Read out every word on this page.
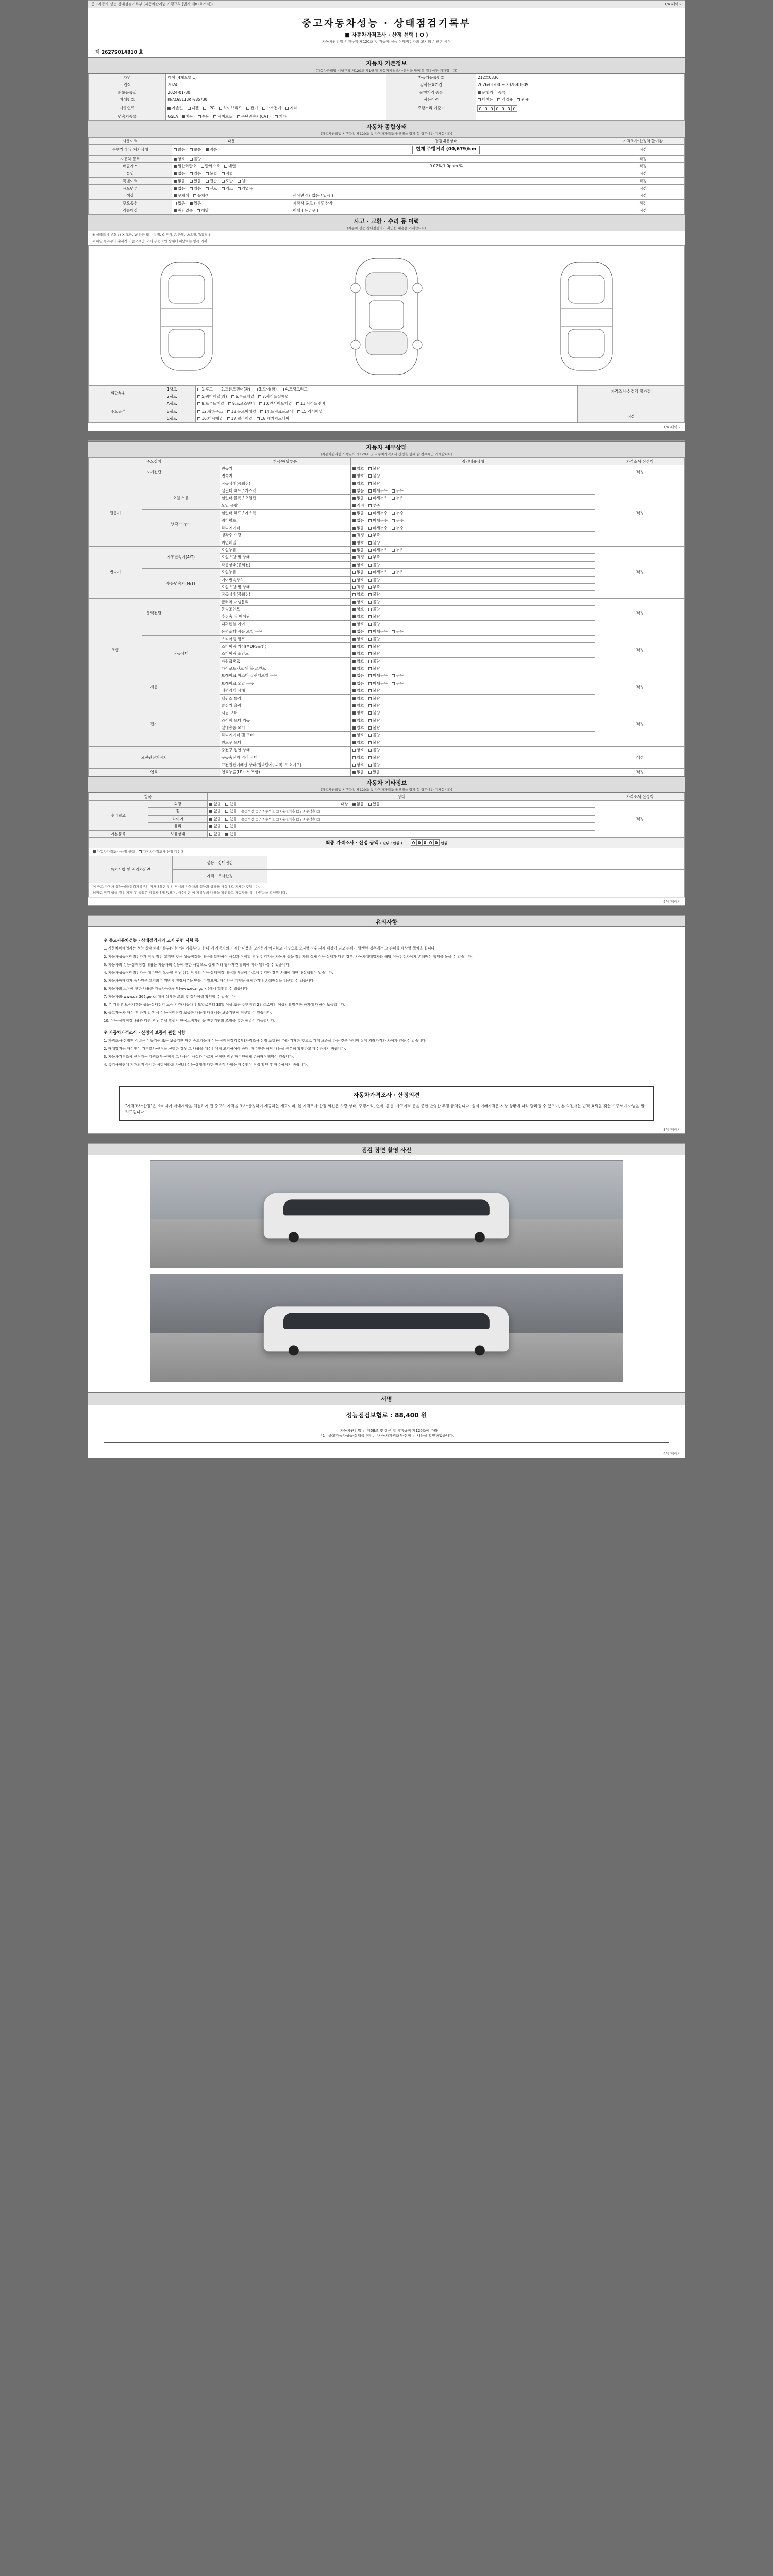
중고자동차 성능·상태점검기록부 (자동차관리법 시행규칙 [별지 제82호서식])	1/4 페이지
중고자동차성능 · 상태점검기록부
■ 자동차가격조사 · 산정 선택 ( O )
자동차관리법 시행규칙 제120조 및 자동차 성능·상태점검자의 고지의무 관련 서식
제 2627S014810 호
자동차 기본정보
(자동차관리법 시행규칙 제120조 제1항 및 자동차가격조사·산정을 함께 할 경우에만 기재합니다)
차명	레이 (4계모델 1)	자동차등록번호	212호0336
연식	2024	검사유효기간	2026-01-00 ~ 2028-01-09
최초등록일	2024-01-30	운행거리 종류	운행거리 종류
차대번호	KNACG811BRT085730	사용이력	대여용 영업용 관용
사용연료	가솔린 디젤 LPG 하이브리드 전기 수소전기 기타	주행거리 기준기	0 0 0 0 0 0 0
변속기종류	GSLA 자동 수동 세미오토 무단변속기(CVT) 기타		
자동차 종합상태
(자동차관리법 시행규칙 제120조 및 자동차가격조사·산정을 함께 할 경우에만 기재합니다)
사용이력	내용	점검내용상태	가격조사·산정액 할가감
주행거리 및 계기상태	많음 보통 적음	현재 주행거리 (00,679)km	적정
자동차 등록	양호 불량		적정
배출가스	일산화탄소 탄화수소 매연	0.02% 1.0ppm %	적정
튜닝	없음 있음 불법 적법		적정
특별이력	없음 있음 전손 도난 침수		적정
용도변경	없음 있음 렌트 리스 영업용		적정
색상	무채색 유채색	색상변경 ( 없음 / 있음 )	적정
주요옵션	없음 있음	제작사 출고 / 이후 장착	적정
리콜대상	해당없음 해당	이행 ( 유 / 무 )	적정
사고 · 교환 · 수리 등 이력
(자동차 성능·상태점검자가 확인한 내용을 기재합니다)
※ 상태표시 부호 : ( X:교환, W:판금 또는 용접, C:부식, A:긁힘, U:요철, T:흠집 )
※ 하단 항목부터 순서적 기준으로만, 기타 위험적인 상태에 해당하는 항목 기재
외판부위	1랭크	1.후드 2.프론트펜더(좌) 3.도어(좌) 4.트렁크리드	가격조사·산정액 할가감
적정

	2랭크	5.쿼터패널(좌) 6.루프패널 7.사이드실패널	
주요골격	A랭크	8.프론트패널 9.크로스멤버 10.인사이드패널 11.사이드멤버	
	B랭크	12.휠하우스 13.플로어패널 14.트렁크플로어 15.리어패널	
	C랭크	16.대시패널 17.필러패널 18.패키지트레이	
1/4 페이지
자동차 세부상태
(자동차관리법 시행규칙 제120조 및 자동차가격조사·산정을 함께 할 경우에만 기재합니다)
주요장치		항목/해당부품	점검내용상태	가격조사·산정액
자기진단		원동기	양호 불량	적정
		변속기	양호 불량	
원동기		작동상태(공회전)	양호 불량	적정
	오일 누유	실린더 헤드 / 가스켓	없음 미세누유 누유	
		실린더 블록 / 오일팬	없음 미세누유 누유	
		오일 유량	적정 부족	
	냉각수 누수	실린더 헤드 / 가스켓	없음 미세누수 누수	
		워터펌프	없음 미세누수 누수	
		라디에이터	없음 미세누수 누수	
		냉각수 수량	적정 부족	
		커먼레일	양호 불량	
변속기	자동변속기(A/T)	오일누유	없음 미세누유 누유	적정
		오일유량 및 상태	적정 부족	
		작동상태(공회전)	양호 불량	
	수동변속기(M/T)	오일누유	없음 미세누유 누유	
		기어변속장치	양호 불량	
		오일유량 및 상태	적정 부족	
		작동상태(공회전)	양호 불량	
동력전달		클러치 어셈블리	양호 불량	적정
		등속조인트	양호 불량	
		추진축 및 베어링	양호 불량	
		디퍼렌셜 기어	양호 불량	
조향		동력조향 작동 오일 누유	없음 미세누유 누유	적정
	작동상태	스티어링 펌프	양호 불량	
		스티어링 기어(MDPS포함)	양호 불량	
		스티어링 조인트	양호 불량	
		파워크랭크	양호 불량	
		타이로드엔드 및 볼 조인트	양호 불량	
제동		브레이크 마스터 실린더오일 누유	없음 미세누유 누유	적정
		브레이크 오일 누유	없음 미세누유 누유	
		배력장치 상태	양호 불량	
		밸런스 롤러	양호 불량	
전기		발전기 출력	양호 불량	적정
		시동 모터	양호 불량	
		와이퍼 모터 기능	양호 불량	
		실내송풍 모터	양호 불량	
		라디에이터 팬 모터	양호 불량	
		윈도우 모터	양호 불량	
고전원전기장치		충전구 절연 상태	양호 불량	적정
		구동축전지 격리 상태	양호 불량	
		고전원전기배선 상태(접속단자, 피복, 보호기구)	양호 불량	
연료		연료누출(LP가스 포함)	없음 있음	적정
자동차 기타정보
(자동차관리법 시행규칙 제120조 및 자동차가격조사·산정을 함께 할 경우에만 기재합니다)
항목		상태		가격조사·산정액
수리필요	외장	없음 있음	내장 없음 있음	적정
	휠	없음 있음 운전석전 □ / 조수석전 □ / 운전석후 □ / 조수석후 □		
	타이어	없음 있음 운전석전 □ / 조수석전 □ / 운전석후 □ / 조수석후 □		
	유리	없음 있음		
기본품목	보유상태	없음 있음		
최종 가격조사 · 산정 금액 ( 단위 : 만원 ) 0 0 0 0 0 만원
자동차가격조사·산정 선택 자동차가격조사·산정 미선택
특기사항 및 점검자의견	성능 · 상태점검	
	가격 · 조사산정	
이 중고 자동차 성능·상태점검기록부의 기재내용은 점검 당시의 자동차의 성능과 상태를 사실대로 기재한 것입니다.
허위로 점검 했을 경우 기재 후 책임은 점검자에게 있으며, 매수인은 이 기록부의 내용을 확인하고 자동차를 매수하였음을 확인합니다.
2/4 페이지
유의사항
※ 중고자동차성능 · 상태점검자의 고지 관련 사항 등

1. 자동차매매업자는 성능·상태점검기록부(이하 "본 기록부"라 한다)에 자동차의 기재한 내용을 고지하기 아니하고 거짓으로 고지할 경우 제재 대상이 되고 손해가 발생한 경우에는 그 손해를 배상할 책임을 집니다.

2. 자동차성능상태점검자가 거짓 점검 고지한 것은 성능점검을 내용을 확인하여 사실과 상이할 경우 점검자는 자동차 성능 점검자의 실제 성능·상태가 다른 경우, 자동차매매업자와 해당 성능점검자에게 손해배상 책임을 물을 수 있습니다.

3. 자동차의 성능·상태점검 내용은 자동차의 성능에 관한 사항으로 실제 거래 당사자간 협의에 따라 달라질 수 있습니다.

4. 자동차성능상태점검자는 매수인이 요구할 경우 점검 당시의 성능·상태점검 내용과 사실이 다르게 점검한 경우 손해에 대한 배상책임이 있습니다.

5. 자동차매매업자 종사원은 고지의무 위반시 행정처분을 받을 수 있으며, 매수인은 계약을 해제하거나 손해배상을 청구할 수 있습니다.

6. 자동차의 소유에 관한 내용은 자동차등록원부(www.ecar.go.kr)에서 확인할 수 있습니다.

7. 자동차의(www.car365.go.kr)에서 상세한 조회 및 검사이력 확인할 수 있습니다.

8. 본 기록부 보증기간은 성능·상태점검 보증 기간(자동차 인도일로부터 30일 이상 또는 주행거리 2천킬로미터 이상) 내 발생한 하자에 대하여 보증합니다.

9. 중고자동차 매수 후 하자 발생 시 성능·상태점검 보증한 내용에 대해서는 보증기관에 청구할 수 있습니다.

10. 성능·상태점검내용과 다른 경우 분쟁 발생시 한국소비자원 등 관련기관의 조정을 통한 해결이 가능합니다.

※ 자동차가격조사 · 산정의 보증에 관한 사항

1. 가격조사·산정액 이력은 성능기준 또는 보증기관 마련 중고자동차 성능·상태점검기록부(가격조사·산정 포함)에 따라 기재한 것으로 가격 보증을 하는 것은 아니며 실제 거래가격과 차이가 있을 수 있습니다.

2. 매매업자는 매수인이 가격조사·산정을 선택한 경우 그 내용을 매수인에게 고지하여야 하며, 매수인은 해당 내용을 충분히 확인하고 매수하시기 바랍니다.

3. 자동차가격조사·산정자는 가격조사·산정시 그 내용이 사실과 다르게 산정한 경우 매수인에게 손해배상책임이 있습니다.

4. 특기사항란에 기재되지 아니한 사항이라도 차량의 성능·상태에 대한 전반적 사항은 매수인이 직접 확인 후 매수하시기 바랍니다.

자동차가격조사 · 산정의견
"가격조사·산정"은 소비자가 매매계약을 체결하기 전 중고차 가격을 조사·산정하여 제공하는 제도이며, 본 가격조사·산정 의견은 차량 상태, 주행거리, 연식, 옵션, 사고이력 등을 종합 반영한 추정 금액입니다. 실제 거래가격은 시장 상황에 따라 달라질 수 있으며, 본 의견서는 법적 효력을 갖는 보증서가 아님을 알려드립니다.
3/4 페이지
점검 장면 촬영 사진
서명
성능점검보험료 : 88,400 원
「 자동차관리법 」 제58조 및 같은 법 시행규칙 제120조에 따라
「1」중고자동차성능·상태를 점검, 「자동차가격조사·산정 」 내용을 확인하였습니다.
4/4 페이지
